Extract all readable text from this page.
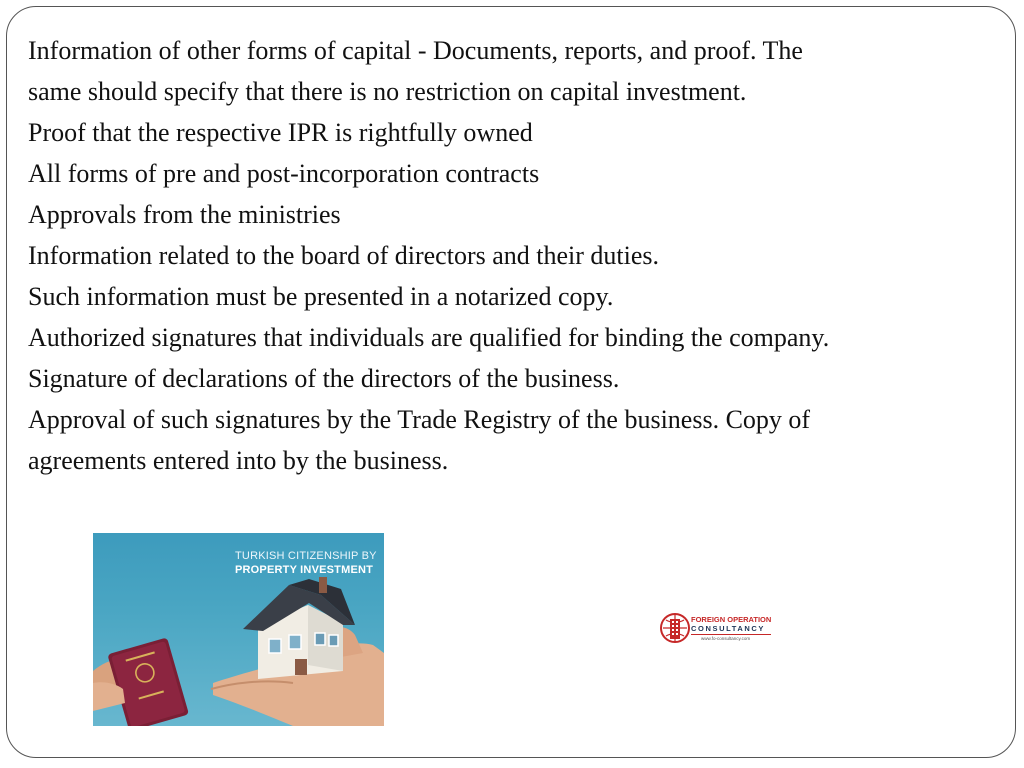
Information of other forms of capital - Documents, reports, and proof. The

same should specify that there is no restriction on capital investment.

Proof that the respective IPR is rightfully owned

All forms of pre and post-incorporation contracts

Approvals from the ministries

Information related to the board of directors and their duties.

Such information must be presented in a notarized copy.

Authorized signatures that individuals are qualified for binding the company.

Signature of declarations of the directors of the business.

Approval of such signatures by the Trade Registry of the business. Copy of

agreements entered into by the business.

TURKISH CITIZENSHIP BY
PROPERTY INVESTMENT
FOREIGN OPERATION
CONSULTANCY
www.fo-consultancy.com
